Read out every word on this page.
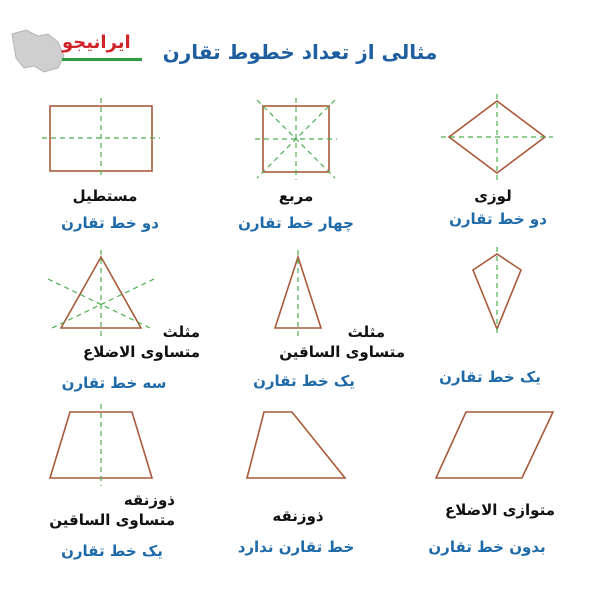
ایرانیجو	مثالی از تعداد خطوط تقارن
مستطیل
دو خط تقارن
مربع
چهار خط تقارن
لوزی
دو خط تقارن
مثلث
متساوی الاضلاع
سه خط تقارن
مثلث
متساوی الساقین
یک خط تقارن	یک خط تقارن
ذوزنقه
متساوی الساقین
یک خط تقارن
ذوزنقه
خط تقارن ندارد
متوازی الاضلاع
بدون خط تقارن
